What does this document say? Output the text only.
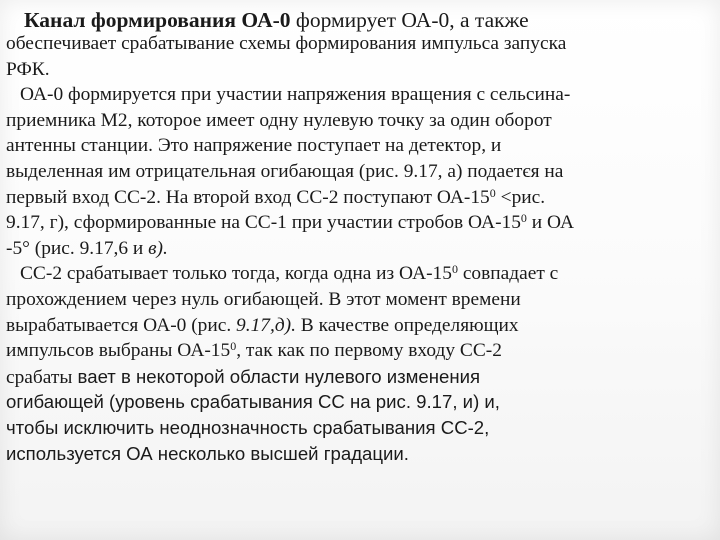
Канал формирования ОА-0 формирует ОА-0, а также
обеспечивает срабатывание схемы формирования импульса запуска
РФК.
ОА-0 формируется при участии напряжения вращения с сельсина-
приемника М2, которое имеет одну нулевую точку за один оборот
антенны станции. Это напряжение поступает на детектор, и
выделенная им отрицательная огибающая (рис. 9.17, а) подаетєя на
первый вход СС-2. На второй вход СС-2 поступают $ОА-15^0 <рис$.
9.17, г), сформированные на СС-1 при участии стробов $ОА-15^0$ и ОА
-5° (рис. 9.17,6 и в).
СС-2 срабатывает только тогда, когда одна из $ОА-15^0$ совпадает с
прохождением через нуль огибающей. В этот момент времени
вырабатывается ОА-0 (рис. 9.17,д). В качестве определяющих
импульсов выбраны $ОА-15^0$, так как по первому входу СС-2
срабаты вает в некоторой области нулевого изменения
огибающей (уровень срабатывания СС на рис. 9.17, и) и,
чтобы исключить неоднозначность срабатывания СС-2,
используется ОА несколько высшей градации.
